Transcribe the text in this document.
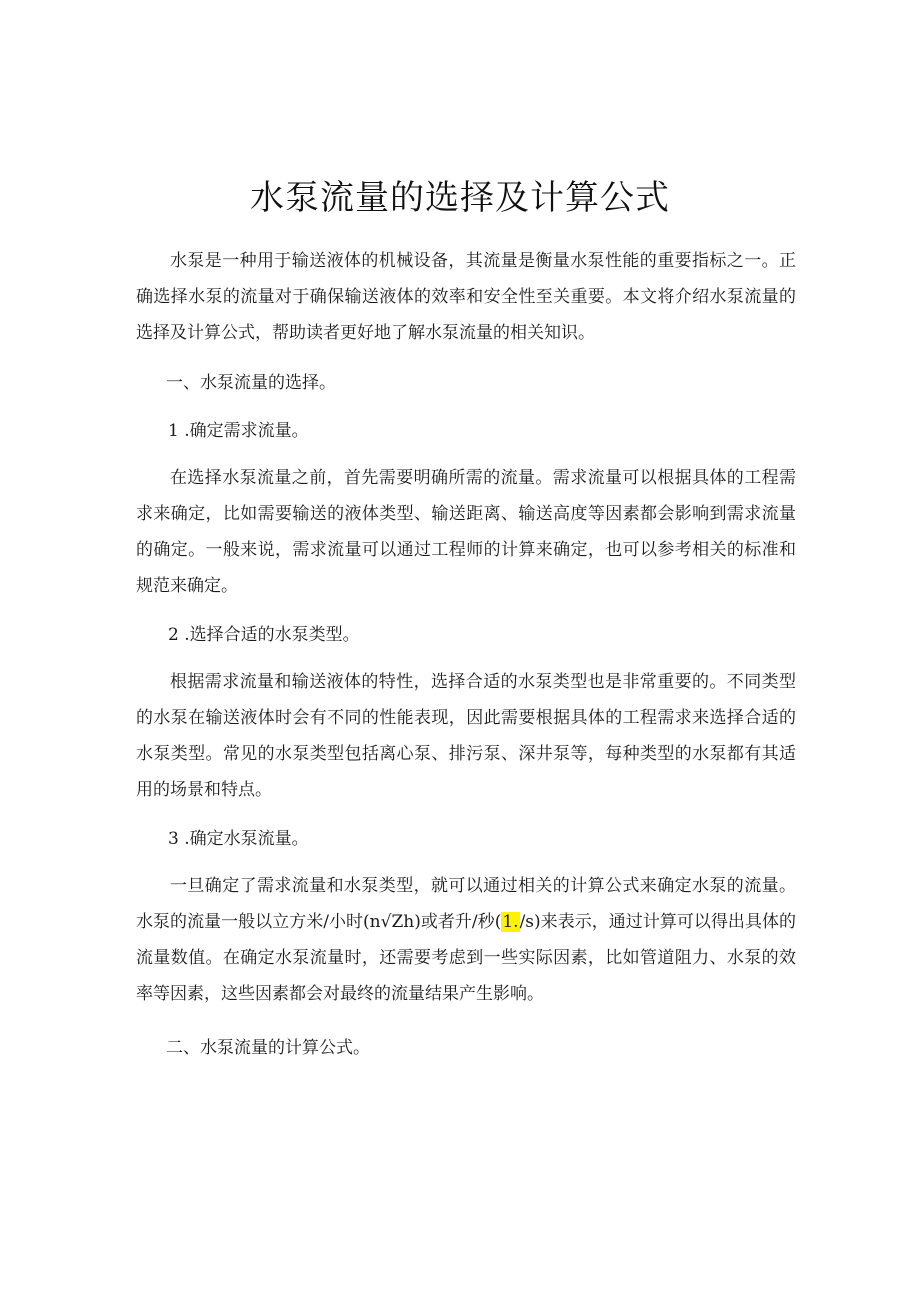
水泵流量的选择及计算公式

水泵是一种用于输送液体的机械设备，其流量是衡量水泵性能的重要指标之一。正确选择水泵的流量对于确保输送液体的效率和安全性至关重要。本文将介绍水泵流量的选择及计算公式，帮助读者更好地了解水泵流量的相关知识。

一、水泵流量的选择。
1 .确定需求流量。

在选择水泵流量之前，首先需要明确所需的流量。需求流量可以根据具体的工程需求来确定，比如需要输送的液体类型、输送距离、输送高度等因素都会影响到需求流量的确定。一般来说，需求流量可以通过工程师的计算来确定，也可以参考相关的标准和规范来确定。

2 .选择合适的水泵类型。

根据需求流量和输送液体的特性，选择合适的水泵类型也是非常重要的。不同类型的水泵在输送液体时会有不同的性能表现，因此需要根据具体的工程需求来选择合适的水泵类型。常见的水泵类型包括离心泵、排污泵、深井泵等，每种类型的水泵都有其适用的场景和特点。

3 .确定水泵流量。

一旦确定了需求流量和水泵类型，就可以通过相关的计算公式来确定水泵的流量。水泵的流量一般以立方米/小时(n√Zh)或者升/秒(1./s)来表示，通过计算可以得出具体的流量数值。在确定水泵流量时，还需要考虑到一些实际因素，比如管道阻力、水泵的效率等因素，这些因素都会对最终的流量结果产生影响。

二、水泵流量的计算公式。
